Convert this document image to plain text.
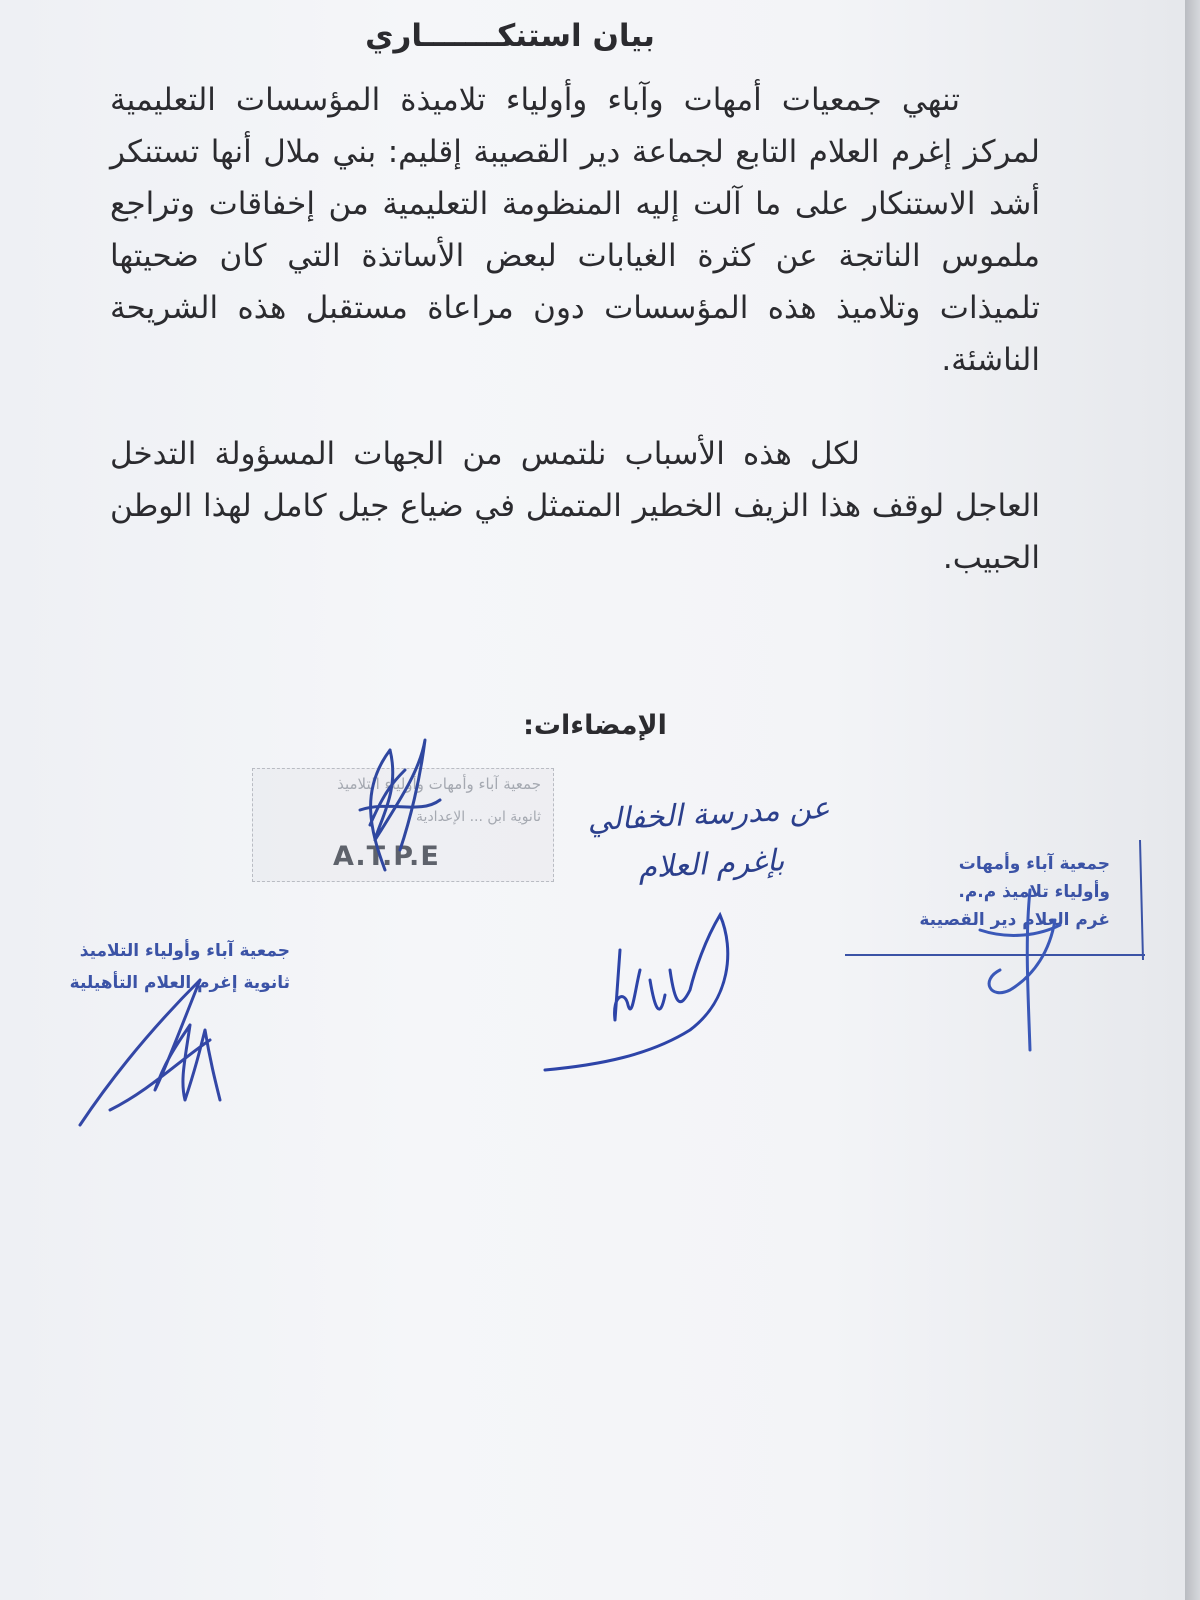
بيان استنكـــــــاري

تنهي جمعيات أمهات وآباء وأولياء تلاميذة المؤسسات التعليمية لمركز إغرم العلام التابع لجماعة دير القصيبة إقليم: بني ملال أنها تستنكر أشد الاستنكار على ما آلت إليه المنظومة التعليمية من إخفاقات وتراجع ملموس الناتجة عن كثرة الغيابات لبعض الأساتذة التي كان ضحيتها تلميذات وتلاميذ هذه المؤسسات دون مراعاة مستقبل هذه الشريحة الناشئة.

لكل هذه الأسباب نلتمس من الجهات المسؤولة التدخل العاجل لوقف هذا الزيف الخطير المتمثل في ضياع جيل كامل لهذا الوطن الحبيب.

الإمضاءات:
جمعية آباء وأمهات وأولياء التلاميذ
ثانوية ابن ... الإعدادية
A.T.P.E
عن مدرسة الخفالي
بإغرم العلام	جمعية آباء وأمهات
وأولياء تلاميذ م.م.
غرم العلام دير القصيبة
جمعية آباء وأولياء التلاميذ
ثانوية إغرم العلام التأهيلية
